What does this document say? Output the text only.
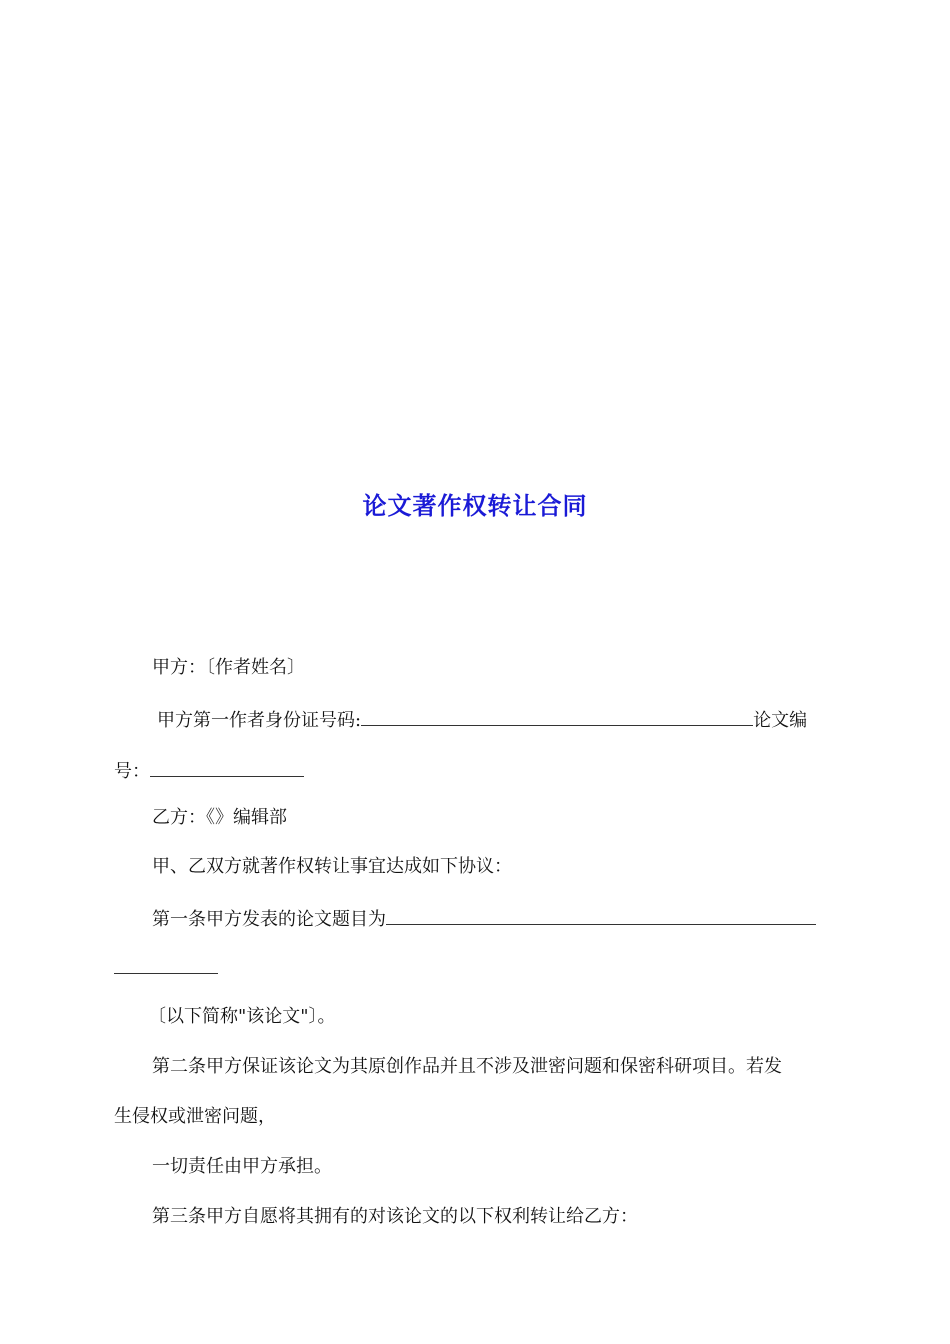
论文著作权转让合同
甲方：〔作者姓名〕
甲方第一作者身份证号码:	论文编
号：
乙方：《》编辑部
甲、乙双方就著作权转让事宜达成如下协议：
第一条甲方发表的论文题目为
〔以下简称"该论文"〕。
第二条甲方保证该论文为其原创作品并且不涉及泄密问题和保密科研项目。若发
生侵权或泄密问题，
一切责任由甲方承担。
第三条甲方自愿将其拥有的对该论文的以下权利转让给乙方：
